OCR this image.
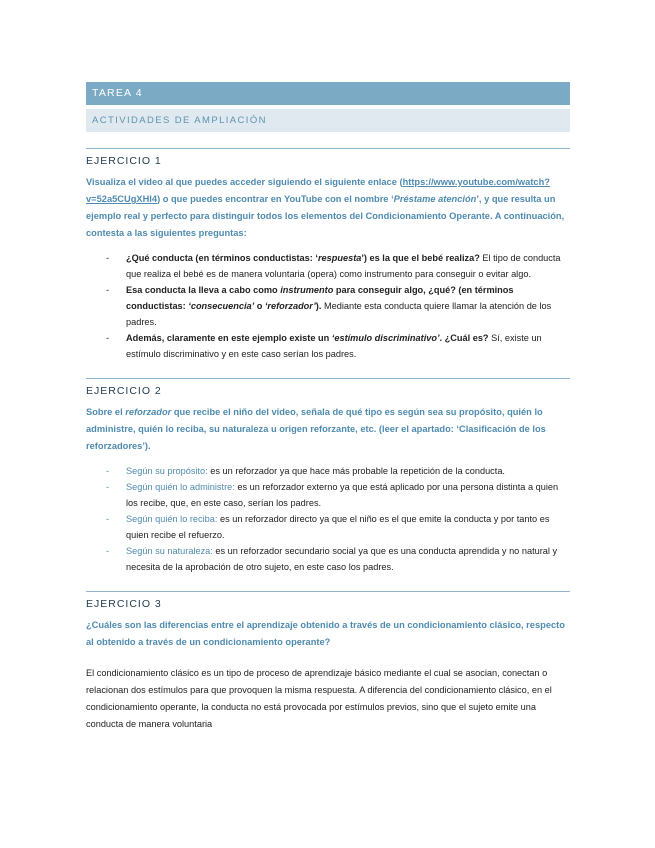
TAREA 4
ACTIVIDADES DE AMPLIACIÓN
EJERCICIO 1

Visualiza el video al que puedes acceder siguiendo el siguiente enlace (https://www.youtube.com/watch?v=52a5CUgXHI4) o que puedes encontrar en YouTube con el nombre ‘Préstame atención’, y que resulta un ejemplo real y perfecto para distinguir todos los elementos del Condicionamiento Operante. A continuación, contesta a las siguientes preguntas:

-	¿Qué conducta (en términos conductistas: ‘respuesta’) es la que el bebé realiza? El tipo de conducta que realiza el bebé es de manera voluntaria (opera) como instrumento para conseguir o evitar algo.
-	Esa conducta la lleva a cabo como instrumento para conseguir algo, ¿qué? (en términos conductistas: ‘consecuencia’ o ‘reforzador’). Mediante esta conducta quiere llamar la atención de los padres.
-	Además, claramente en este ejemplo existe un ‘estímulo discriminativo’. ¿Cuál es? Sí, existe un estímulo discriminativo y en este caso serían los padres.
EJERCICIO 2

Sobre el reforzador que recibe el niño del video, señala de qué tipo es según sea su propósito, quién lo administre, quién lo reciba, su naturaleza u origen reforzante, etc. (leer el apartado: ‘Clasificación de los reforzadores’).

-	Según su propósito: es un reforzador ya que hace más probable la repetición de la conducta.
-	Según quién lo administre: es un reforzador externo ya que está aplicado por una persona distinta a quien los recibe, que, en este caso, serían los padres.
-	Según quién lo reciba: es un reforzador directo ya que el niño es el que emite la conducta y por tanto es quien recibe el refuerzo.
-	Según su naturaleza: es un reforzador secundario social ya que es una conducta aprendida y no natural y necesita de la aprobación de otro sujeto, en este caso los padres.
EJERCICIO 3

¿Cuáles son las diferencias entre el aprendizaje obtenido a través de un condicionamiento clásico, respecto al obtenido a través de un condicionamiento operante?

El condicionamiento clásico es un tipo de proceso de aprendizaje básico mediante el cual se asocian, conectan o relacionan dos estímulos para que provoquen la misma respuesta. A diferencia del condicionamiento clásico, en el condicionamiento operante, la conducta no está provocada por estímulos previos, sino que el sujeto emite una conducta de manera voluntaria
